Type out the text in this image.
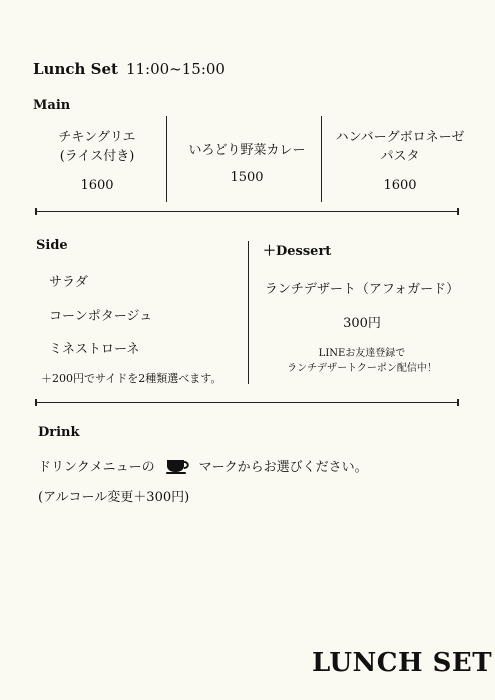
Lunch Set 11:00~15:00
Main
チキングリエ
(ライス付き)
1600
いろどり野菜カレー
1500
ハンバーグボロネーゼ
パスタ
1600
Side
サラダ
コーンポタージュ
ミネストローネ
＋200円でサイドを2種類選べます。
＋Dessert
ランチデザート（アフォガード）
300円
LINEお友達登録で
ランチデザートクーポン配信中！
Drink
ドリンクメニューの	マークからお選びください。
(アルコール変更＋300円)
LUNCH SET
